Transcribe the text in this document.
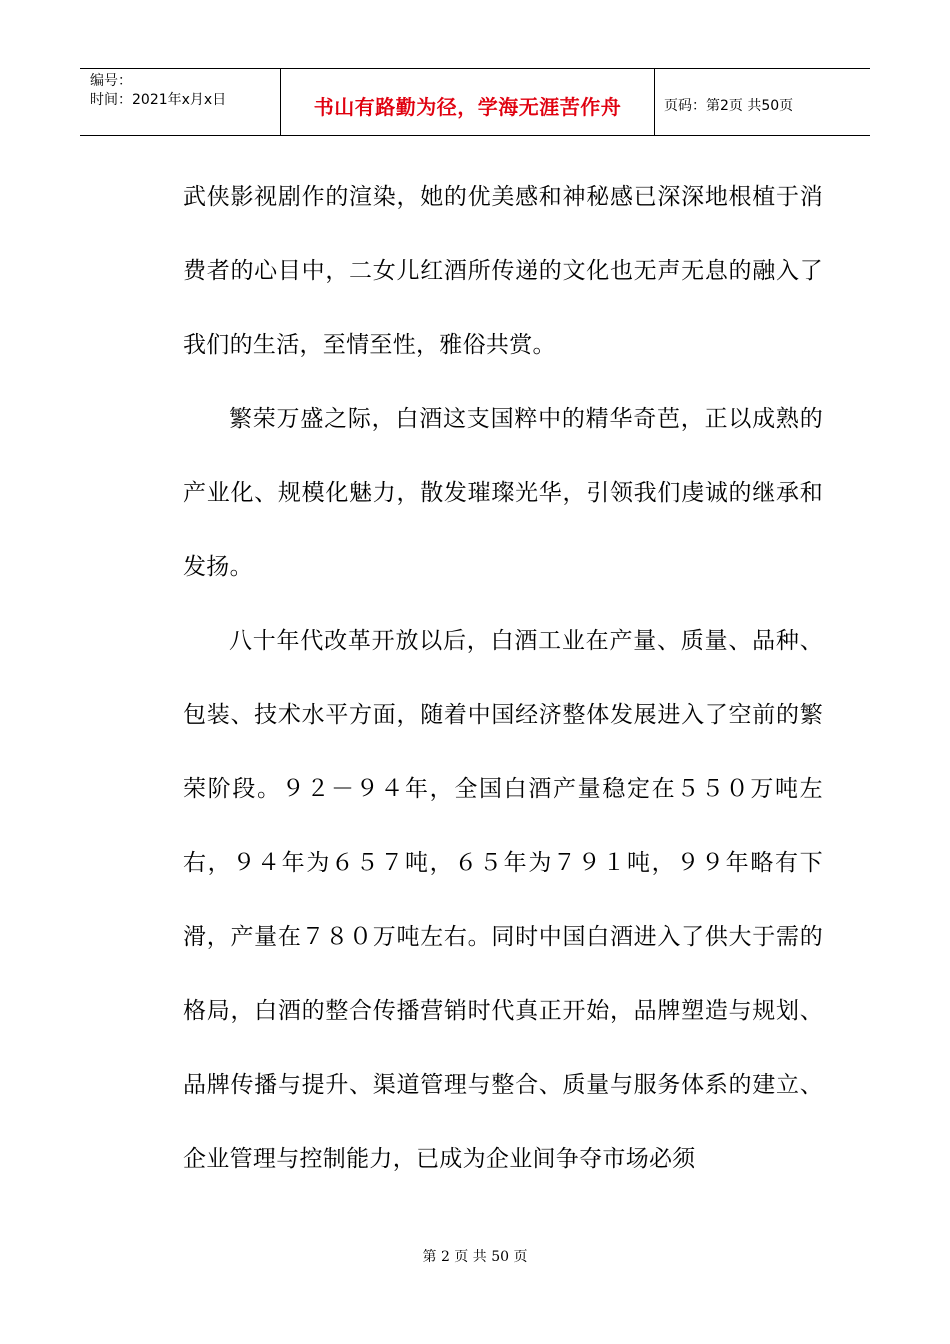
编号：
时间：2021年x月x日	书山有路勤为径，学海无涯苦作舟	页码：第2页 共50页

武侠影视剧作的渲染，她的优美感和神秘感已深深地根植于消费者的心目中，二女儿红酒所传递的文化也无声无息的融入了我们的生活，至情至性，雅俗共赏。

繁荣万盛之际，白酒这支国粹中的精华奇芭，正以成熟的产业化、规模化魅力，散发璀璨光华，引领我们虔诚的继承和发扬。

八十年代改革开放以后，白酒工业在产量、质量、品种、包装、技术水平方面，随着中国经济整体发展进入了空前的繁荣阶段。９２－９４年，全国白酒产量稳定在５５０万吨左右，９４年为６５７吨，６５年为７９１吨，９９年略有下滑，产量在７８０万吨左右。同时中国白酒进入了供大于需的格局，白酒的整合传播营销时代真正开始，品牌塑造与规划、品牌传播与提升、渠道管理与整合、质量与服务体系的建立、企业管理与控制能力，已成为企业间争夺市场必须

第 2 页 共 50 页
